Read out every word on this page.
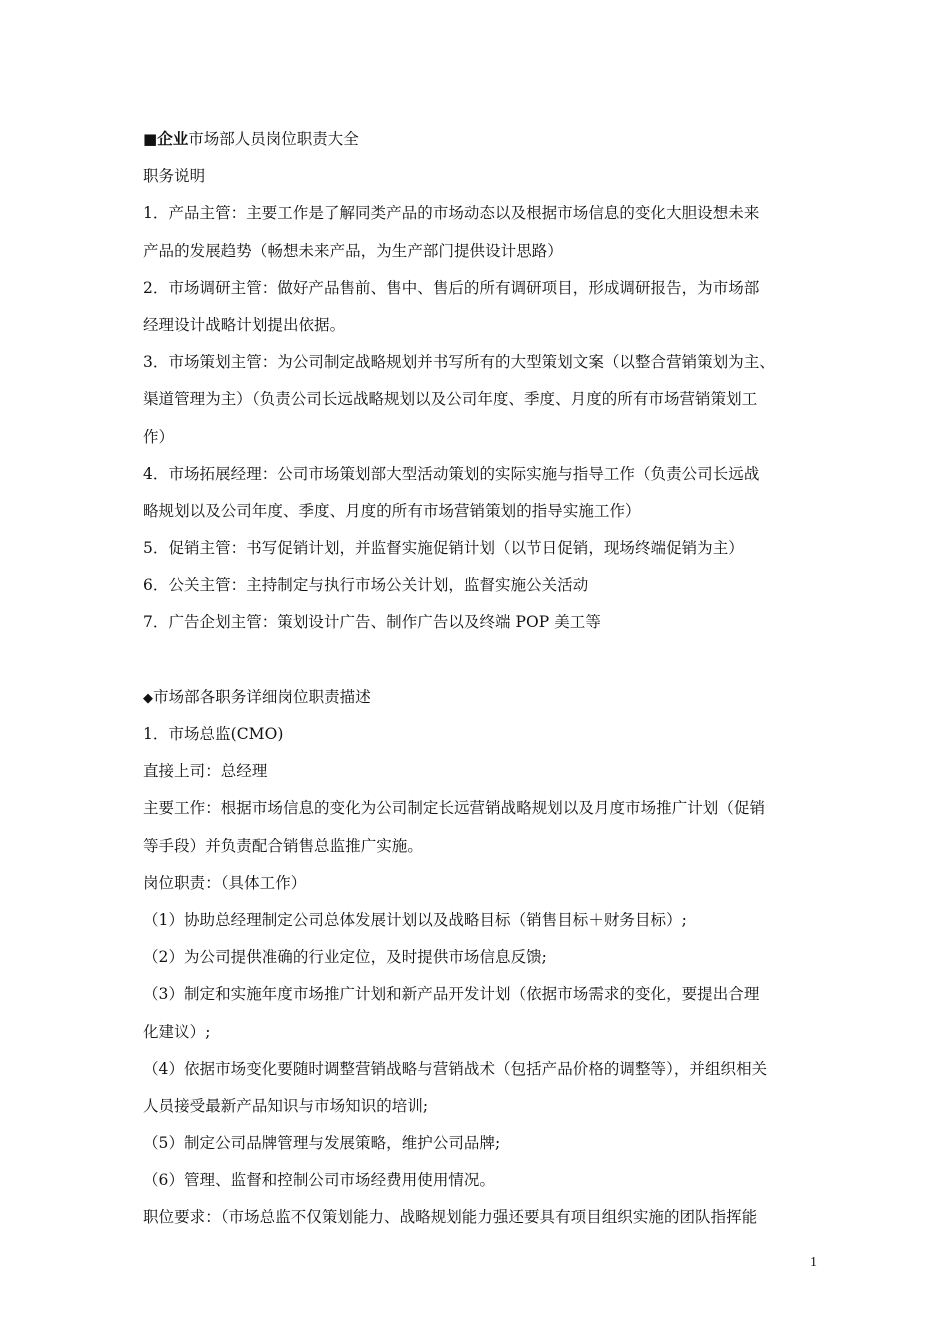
■企业市场部人员岗位职责大全
职务说明
1．产品主管：主要工作是了解同类产品的市场动态以及根据市场信息的变化大胆设想未来
产品的发展趋势（畅想未来产品，为生产部门提供设计思路）
2．市场调研主管：做好产品售前、售中、售后的所有调研项目，形成调研报告，为市场部
经理设计战略计划提出依据。
3．市场策划主管：为公司制定战略规划并书写所有的大型策划文案（以整合营销策划为主、
渠道管理为主）（负责公司长远战略规划以及公司年度、季度、月度的所有市场营销策划工
作）
4．市场拓展经理：公司市场策划部大型活动策划的实际实施与指导工作（负责公司长远战
略规划以及公司年度、季度、月度的所有市场营销策划的指导实施工作）
5．促销主管：书写促销计划，并监督实施促销计划（以节日促销，现场终端促销为主）
6．公关主管：主持制定与执行市场公关计划，监督实施公关活动
7．广告企划主管：策划设计广告、制作广告以及终端 POP 美工等
◆市场部各职务详细岗位职责描述
1．市场总监(CMO)
直接上司：总经理
主要工作：根据市场信息的变化为公司制定长远营销战略规划以及月度市场推广计划（促销
等手段）并负责配合销售总监推广实施。
岗位职责：（具体工作）
（1）协助总经理制定公司总体发展计划以及战略目标（销售目标＋财务目标）;
（2）为公司提供准确的行业定位，及时提供市场信息反馈;
（3）制定和实施年度市场推广计划和新产品开发计划（依据市场需求的变化，要提出合理
化建议）;
（4）依据市场变化要随时调整营销战略与营销战术（包括产品价格的调整等），并组织相关
人员接受最新产品知识与市场知识的培训;
（5）制定公司品牌管理与发展策略，维护公司品牌;
（6）管理、监督和控制公司市场经费用使用情况。
职位要求：（市场总监不仅策划能力、战略规划能力强还要具有项目组织实施的团队指挥能
1
